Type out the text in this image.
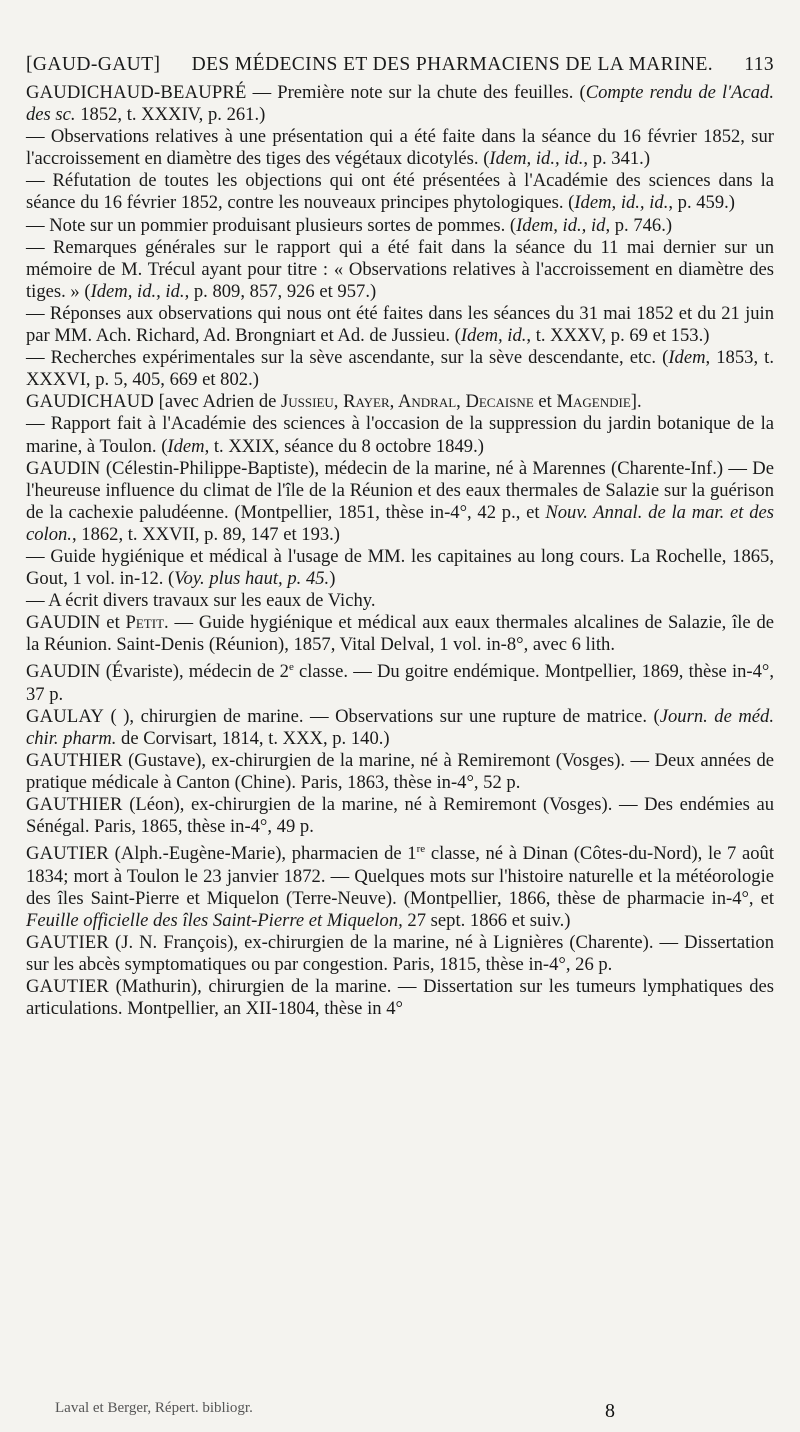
[GAUD-GAUT]	DES MÉDECINS ET DES PHARMACIENS DE LA MARINE.	113

GAUDICHAUD-BEAUPRÉ — Première note sur la chute des feuilles. (Compte rendu de l'Acad. des sc. 1852, t. XXXIV, p. 261.)

— Observations relatives à une présentation qui a été faite dans la séance du 16 février 1852, sur l'accroissement en diamètre des tiges des végétaux dicotylés. (Idem, id., id., p. 341.)

— Réfutation de toutes les objections qui ont été présentées à l'Académie des sciences dans la séance du 16 février 1852, contre les nouveaux principes phytologiques. (Idem, id., id., p. 459.)

— Note sur un pommier produisant plusieurs sortes de pommes. (Idem, id., id, p. 746.)

— Remarques générales sur le rapport qui a été fait dans la séance du 11 mai dernier sur un mémoire de M. Trécul ayant pour titre : « Observations relatives à l'accroissement en diamètre des tiges. » (Idem, id., id., p. 809, 857, 926 et 957.)

— Réponses aux observations qui nous ont été faites dans les séances du 31 mai 1852 et du 21 juin par MM. Ach. Richard, Ad. Brongniart et Ad. de Jussieu. (Idem, id., t. XXXV, p. 69 et 153.)

— Recherches expérimentales sur la sève ascendante, sur la sève descendante, etc. (Idem, 1853, t. XXXVI, p. 5, 405, 669 et 802.)

GAUDICHAUD [avec Adrien de Jussieu, Rayer, Andral, Decaisne et Magendie].

— Rapport fait à l'Académie des sciences à l'occasion de la suppression du jardin botanique de la marine, à Toulon. (Idem, t. XXIX, séance du 8 octobre 1849.)

GAUDIN (Célestin-Philippe-Baptiste), médecin de la marine, né à Marennes (Charente-Inf.) — De l'heureuse influence du climat de l'île de la Réunion et des eaux thermales de Salazie sur la guérison de la cachexie paludéenne. (Montpellier, 1851, thèse in-4°, 42 p., et Nouv. Annal. de la mar. et des colon., 1862, t. XXVII, p. 89, 147 et 193.)

— Guide hygiénique et médical à l'usage de MM. les capitaines au long cours. La Rochelle, 1865, Gout, 1 vol. in-12. (Voy. plus haut, p. 45.)

— A écrit divers travaux sur les eaux de Vichy.

GAUDIN et Petit. — Guide hygiénique et médical aux eaux thermales alcalines de Salazie, île de la Réunion. Saint-Denis (Réunion), 1857, Vital Delval, 1 vol. in-8°, avec 6 lith.

GAUDIN (Évariste), médecin de 2e classe. — Du goitre endémique. Montpellier, 1869, thèse in-4°, 37 p.

GAULAY ( ), chirurgien de marine. — Observations sur une rupture de matrice. (Journ. de méd. chir. pharm. de Corvisart, 1814, t. XXX, p. 140.)

GAUTHIER (Gustave), ex-chirurgien de la marine, né à Remiremont (Vosges). — Deux années de pratique médicale à Canton (Chine). Paris, 1863, thèse in-4°, 52 p.

GAUTHIER (Léon), ex-chirurgien de la marine, né à Remiremont (Vosges). — Des endémies au Sénégal. Paris, 1865, thèse in-4°, 49 p.

GAUTIER (Alph.-Eugène-Marie), pharmacien de 1re classe, né à Dinan (Côtes-du-Nord), le 7 août 1834; mort à Toulon le 23 janvier 1872. — Quelques mots sur l'histoire naturelle et la météorologie des îles Saint-Pierre et Miquelon (Terre-Neuve). (Montpellier, 1866, thèse de pharmacie in-4°, et Feuille officielle des îles Saint-Pierre et Miquelon, 27 sept. 1866 et suiv.)

GAUTIER (J. N. François), ex-chirurgien de la marine, né à Lignières (Charente). — Dissertation sur les abcès symptomatiques ou par congestion. Paris, 1815, thèse in-4°, 26 p.

GAUTIER (Mathurin), chirurgien de la marine. — Dissertation sur les tumeurs lymphatiques des articulations. Montpellier, an XII-1804, thèse in 4°

Laval et Berger, Répert. bibliogr.	8
